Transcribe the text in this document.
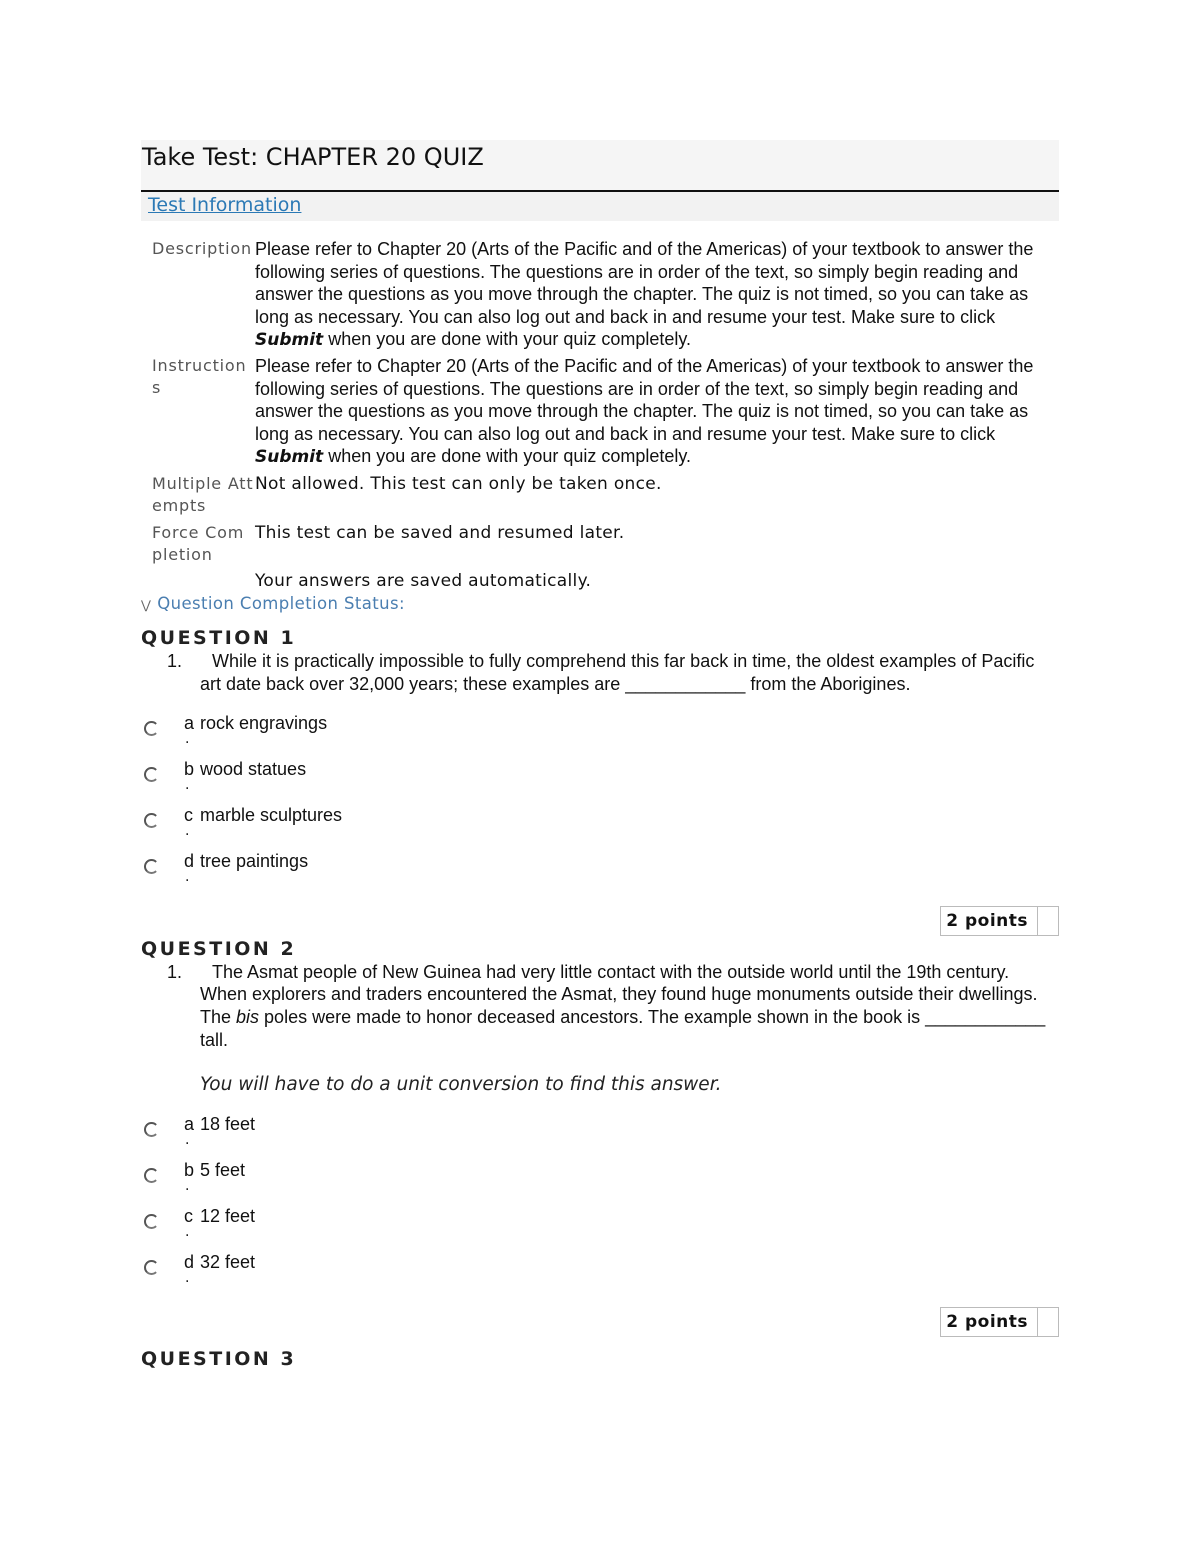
Take Test: CHAPTER 20 QUIZ
Test Information
Description Please refer to Chapter 20 (Arts of the Pacific and of the Americas) of your textbook to answer the following series of questions. The questions are in order of the text, so simply begin reading and answer the questions as you move through the chapter. The quiz is not timed, so you can take as long as necessary. You can also log out and back in and resume your test. Make sure to click Submit when you are done with your quiz completely.
Instructions
Please refer to Chapter 20 (Arts of the Pacific and of the Americas) of your textbook to answer the following series of questions. The questions are in order of the text, so simply begin reading and answer the questions as you move through the chapter. The quiz is not timed, so you can take as long as necessary. You can also log out and back in and resume your test. Make sure to click Submit when you are done with your quiz completely.
Multiple Attempts
Not allowed. This test can only be taken once.
Force Completion
This test can be saved and resumed later.
Your answers are saved automatically.
⋁ Question Completion Status:
QUESTION 1
1. While it is practically impossible to fully comprehend this far back in time, the oldest examples of Pacific art date back over 32,000 years; these examples are ____________ from the Aborigines.
a
.
rock engravings
b
.
wood statues
c
.
marble sculptures
d
.
tree paintings
2 points
QUESTION 2
1. The Asmat people of New Guinea had very little contact with the outside world until the 19th century. When explorers and traders encountered the Asmat, they found huge monuments outside their dwellings. The bis poles were made to honor deceased ancestors. The example shown in the book is ____________ tall.
You will have to do a unit conversion to find this answer.
a
.
18 feet
b
.
5 feet
c
.
12 feet
d
.
32 feet
2 points
QUESTION 3
